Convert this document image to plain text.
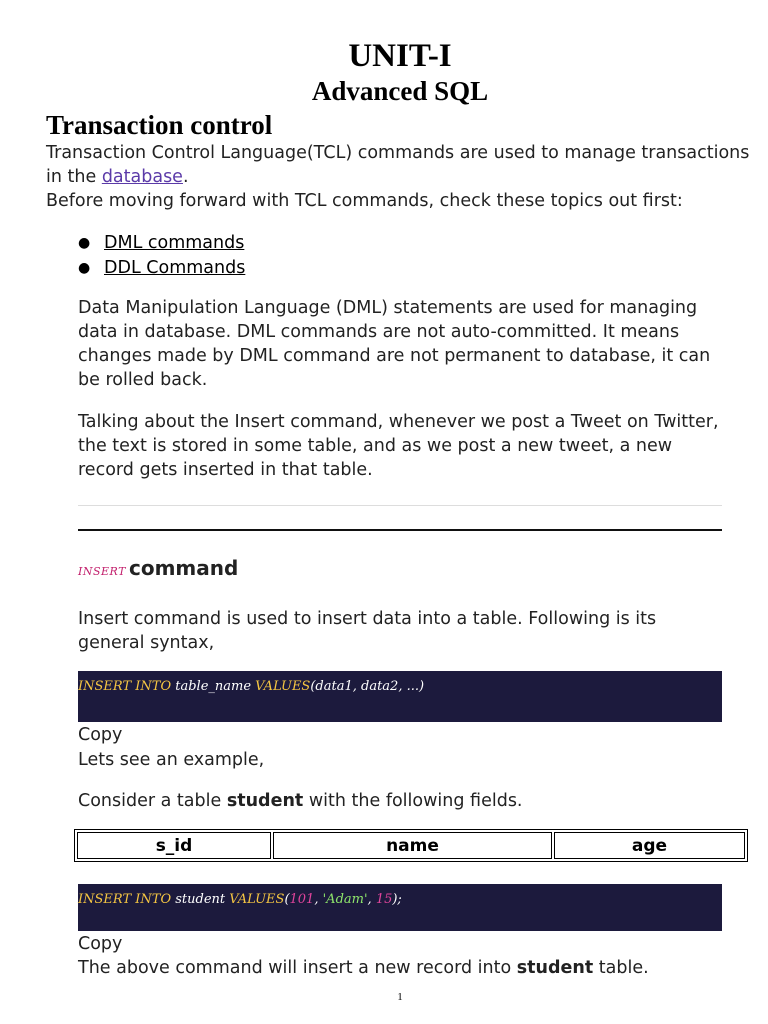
UNIT-I
Advanced SQL
Transaction control
Transaction Control Language(TCL) commands are used to manage transactions in the database.
Before moving forward with TCL commands, check these topics out first:
● DML commands
● DDL Commands
Data Manipulation Language (DML) statements are used for managing data in database. DML commands are not auto-committed. It means changes made by DML command are not permanent to database, it can be rolled back.
Talking about the Insert command, whenever we post a Tweet on Twitter, the text is stored in some table, and as we post a new tweet, a new record gets inserted in that table.
INSERT command
Insert command is used to insert data into a table. Following is its general syntax,
INSERT INTO table_name VALUES(data1, data2, ...)
Copy
Lets see an example,
Consider a table student with the following fields.
s_id	name	age
INSERT INTO student VALUES(101, 'Adam', 15);
Copy
The above command will insert a new record into student table.
1
